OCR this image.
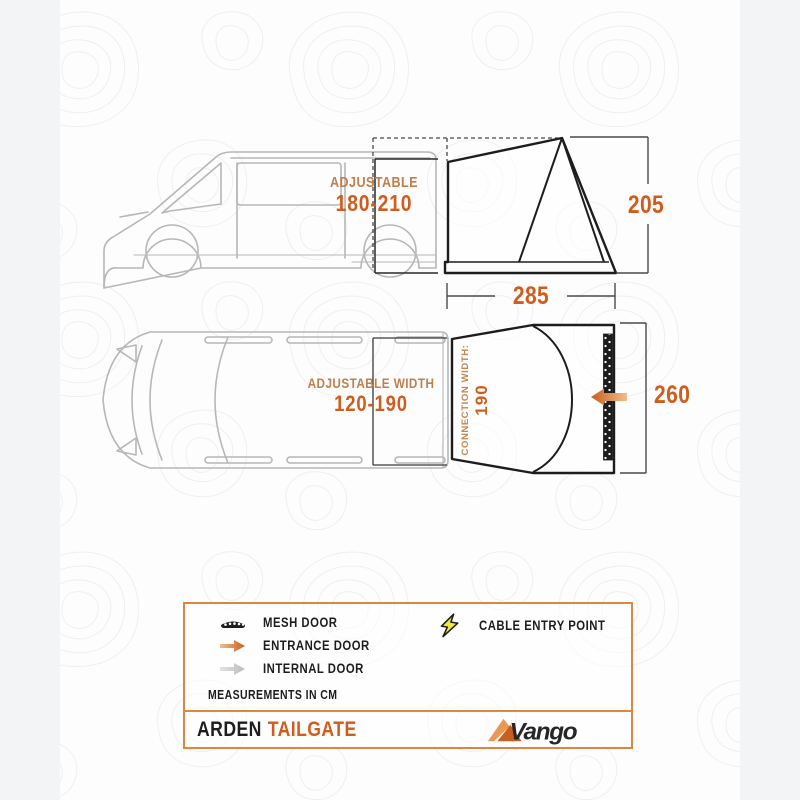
ADJUSTABLE
180-210	205
285
ADJUSTABLE WIDTH
120-190	260
CONNECTION WIDTH: 190
MESH DOOR
ENTRANCE DOOR
INTERNAL DOOR
CABLE ENTRY POINT
MEASUREMENTS IN CM
ARDEN TAILGATE	Vango
